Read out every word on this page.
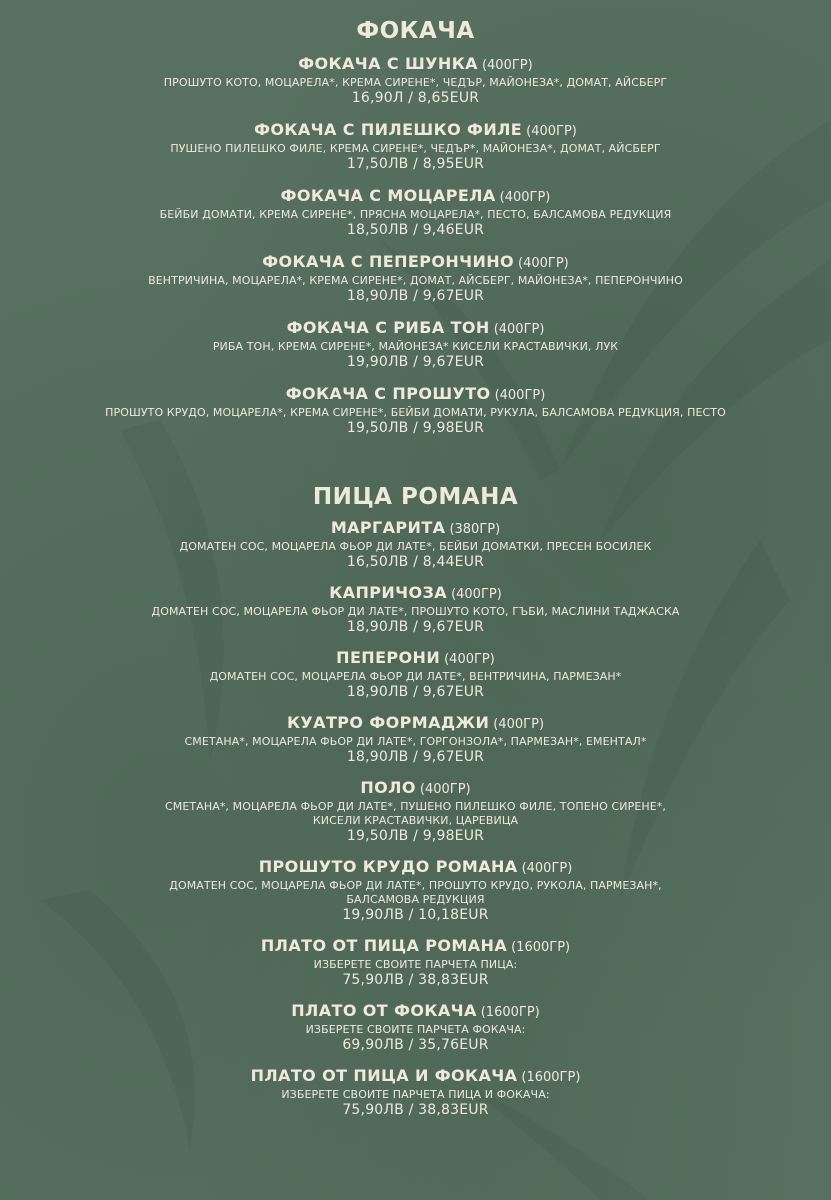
ФОКАЧА
ФОКАЧА С ШУНКА (400ГР)
ПРОШУТО КОТО, МОЦАРЕЛА*, КРЕМА СИРЕНЕ*, ЧЕДЪР, МАЙОНЕЗА*, ДОМАТ, АЙСБЕРГ
16,90Л / 8,65EUR
ФОКАЧА С ПИЛЕШКО ФИЛЕ (400ГР)
ПУШЕНО ПИЛЕШКО ФИЛЕ, КРЕМА СИРЕНЕ*, ЧЕДЪР*, МАЙОНЕЗА*, ДОМАТ, АЙСБЕРГ
17,50ЛВ / 8,95EUR
ФОКАЧА С МОЦАРЕЛА (400ГР)
БЕЙБИ ДОМАТИ, КРЕМА СИРЕНЕ*, ПРЯСНА МОЦАРЕЛА*, ПЕСТО, БАЛСАМОВА РЕДУКЦИЯ
18,50ЛВ / 9,46EUR
ФОКАЧА С ПЕПЕРОНЧИНО (400ГР)
ВЕНТРИЧИНА, МОЦАРЕЛА*, КРЕМА СИРЕНЕ*, ДОМАТ, АЙСБЕРГ, МАЙОНЕЗА*, ПЕПЕРОНЧИНО
18,90ЛВ / 9,67EUR
ФОКАЧА С РИБА ТОН (400ГР)
РИБА ТОН, КРЕМА СИРЕНЕ*, МАЙОНЕЗА* КИСЕЛИ КРАСТАВИЧКИ, ЛУК
19,90ЛВ / 9,67EUR
ФОКАЧА С ПРОШУТО (400ГР)
ПРОШУТО КРУДО, МОЦАРЕЛА*, КРЕМА СИРЕНЕ*, БЕЙБИ ДОМАТИ, РУКУЛА, БАЛСАМОВА РЕДУКЦИЯ, ПЕСТО
19,50ЛВ / 9,98EUR
ПИЦА РОМАНА
МАРГАРИТА (380ГР)
ДОМАТЕН СОС, МОЦАРЕЛА ФЬОР ДИ ЛАТЕ*, БЕЙБИ ДОМАТКИ, ПРЕСЕН БОСИЛЕК
16,50ЛВ / 8,44EUR
КАПРИЧОЗА (400ГР)
ДОМАТЕН СОС, МОЦАРЕЛА ФЬОР ДИ ЛАТЕ*, ПРОШУТО КОТО, ГЪБИ, МАСЛИНИ ТАДЖАСКА
18,90ЛВ / 9,67EUR
ПЕПЕРОНИ (400ГР)
ДОМАТЕН СОС, МОЦАРЕЛА ФЬОР ДИ ЛАТЕ*, ВЕНТРИЧИНА, ПАРМЕЗАН*
18,90ЛВ / 9,67EUR
КУАТРО ФОРМАДЖИ (400ГР)
СМЕТАНА*, МОЦАРЕЛА ФЬОР ДИ ЛАТЕ*, ГОРГОНЗОЛА*, ПАРМЕЗАН*, ЕМЕНТАЛ*
18,90ЛВ / 9,67EUR
ПОЛО (400ГР)
СМЕТАНА*, МОЦАРЕЛА ФЬОР ДИ ЛАТЕ*, ПУШЕНО ПИЛЕШКО ФИЛЕ, ТОПЕНО СИРЕНЕ*,
КИСЕЛИ КРАСТАВИЧКИ, ЦАРЕВИЦА
19,50ЛВ / 9,98EUR
ПРОШУТО КРУДО РОМАНА (400ГР)
ДОМАТЕН СОС, МОЦАРЕЛА ФЬОР ДИ ЛАТЕ*, ПРОШУТО КРУДО, РУКОЛА, ПАРМЕЗАН*,
БАЛСАМОВА РЕДУКЦИЯ
19,90ЛВ / 10,18EUR
ПЛАТО ОТ ПИЦА РОМАНА (1600ГР)
ИЗБЕРЕТЕ СВОИТЕ ПАРЧЕТА ПИЦА:
75,90ЛВ / 38,83EUR
ПЛАТО ОТ ФОКАЧА (1600ГР)
ИЗБЕРЕТЕ СВОИТЕ ПАРЧЕТА ФОКАЧА:
69,90ЛВ / 35,76EUR
ПЛАТО ОТ ПИЦА И ФОКАЧА (1600ГР)
ИЗБЕРЕТЕ СВОИТЕ ПАРЧЕТА ПИЦА И ФОКАЧА:
75,90ЛВ / 38,83EUR
